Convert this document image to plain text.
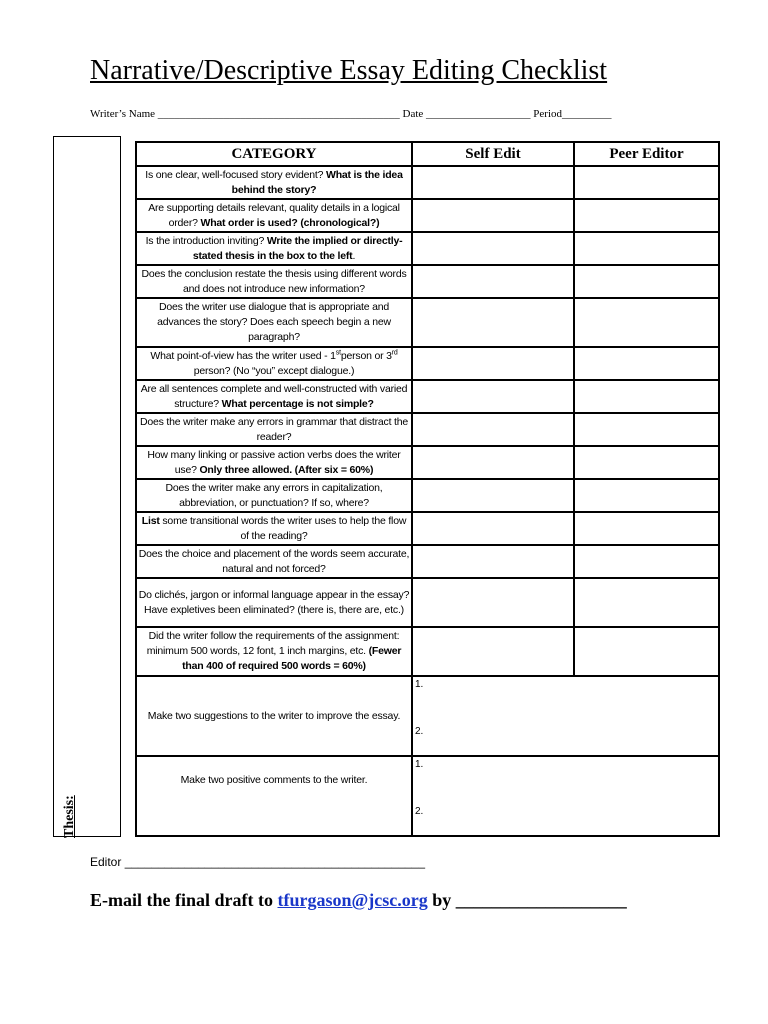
Narrative/Descriptive Essay Editing Checklist
Writer’s Name ____________________________________________ Date ___________________ Period_________
Thesis:
CATEGORY	Self Edit	Peer Editor
Is one clear, well-focused story evident? What is the idea behind the story?		
Are supporting details relevant, quality details in a logical order? What order is used? (chronological?)		
Is the introduction inviting? Write the implied or directly-stated thesis in the box to the left.		
Does the conclusion restate the thesis using different words and does not introduce new information?		
Does the writer use dialogue that is appropriate and advances the story? Does each speech begin a new paragraph?		
What point-of-view has the writer used - 1stperson or 3rd person? (No “you” except dialogue.)		
Are all sentences complete and well-constructed with varied structure? What percentage is not simple?		
Does the writer make any errors in grammar that distract the reader?		
How many linking or passive action verbs does the writer use? Only three allowed. (After six = 60%)		
Does the writer make any errors in capitalization, abbreviation, or punctuation? If so, where?		
List some transitional words the writer uses to help the flow of the reading?		
Does the choice and placement of the words seem accurate, natural and not forced?		
Do clichés, jargon or informal language appear in the essay? Have expletives been eliminated? (there is, there are, etc.)		
Did the writer follow the requirements of the assignment: minimum 500 words, 12 font, 1 inch margins, etc. (Fewer than 400 of required 500 words = 60%)		
Make two suggestions to the writer to improve the essay.	1.
2.	

Make two positive comments to the writer.	1.
2.	
Editor _____________________________________________
E-mail the final draft to tfurgason@jcsc.org by ___________________
